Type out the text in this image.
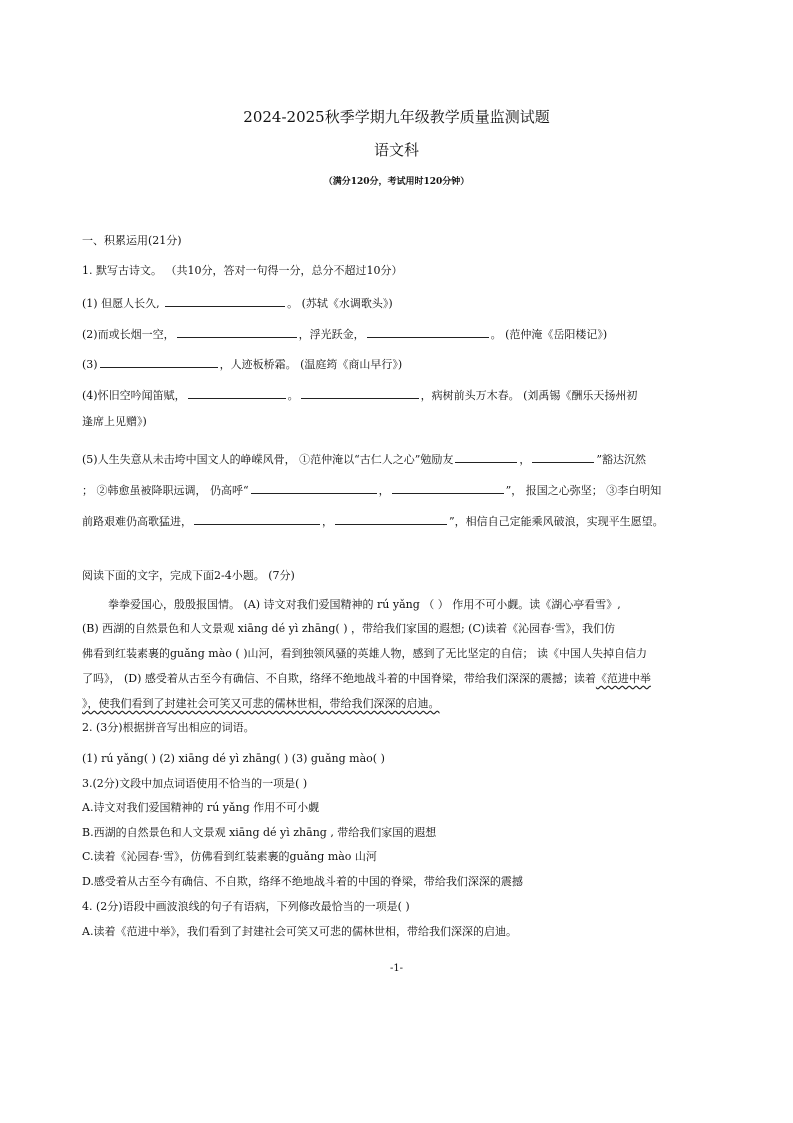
2024-2025秋季学期九年级教学质量监测试题
语文科
（满分120分，考试用时120分钟）
一、积累运用(21分)
1. 默写古诗文。 （共10分，答对一句得一分，总分不超过10分）
(1) 但愿人长久,	。 (苏轼《水调歌头》)
(2)而或长烟一空，	，浮光跃金，	。 (范仲淹《岳阳楼记》)
(3)	，人迹板桥霜。 (温庭筠《商山早行》)
(4)怀旧空吟闻笛赋，	。	，病树前头万木春。 (刘禹锡《酬乐天扬州初
逢席上见赠》)
(5)人生失意从未击垮中国文人的峥嵘风骨， ①范仲淹以“古仁人之心”勉励友	，	”豁达沉然
； ②韩愈虽被降职远调， 仍高呼“	，	”， 报国之心弥坚； ③李白明知
前路艰难仍高歌猛进，	，	”，相信自己定能乘风破浪，实现平生愿望。
阅读下面的文字，完成下面2-4小题。 (7分)
拳拳爱国心，殷殷报国情。 (A) 诗文对我们爱国精神的 rú yǎng （ ） 作用不可小觑。读《湖心亭看雪》,
(B) 西湖的自然景色和人文景观 xiāng dé yì zhāng( ) ，带给我们家国的遐想; (C)读着《沁园春·雪》，我们仿
佛看到红装素裹的guǎng mào ( )山河，看到独领风骚的英雄人物，感到了无比坚定的自信； 读《中国人失掉自信力
了吗》， (D) 感受着从古至今有确信、不自欺，络绎不绝地战斗着的中国脊梁，带给我们深深的震撼；读着《范进中举
》，使我们看到了封建社会可笑又可悲的儒林世相，带给我们深深的启迪。
2. (3分)根据拼音写出相应的词语。
(1) rú yǎng( ) (2) xiāng dé yì zhāng( ) (3) guǎng mào( )
3.(2分)文段中加点词语使用不恰当的一项是( )
A.诗文对我们爱国精神的 rú yǎng 作用不可小觑
B.西湖的自然景色和人文景观 xiāng dé yì zhāng , 带给我们家国的遐想
C.读着《沁园春·雪》，仿佛看到红装素裹的guǎng mào 山河
D.感受着从古至今有确信、不自欺，络绎不绝地战斗着的中国的脊梁，带给我们深深的震撼
4. (2分)语段中画波浪线的句子有语病，下列修改最恰当的一项是( )
A.读着《范进中举》，我们看到了封建社会可笑又可悲的儒林世相，带给我们深深的启迪。
-1-
